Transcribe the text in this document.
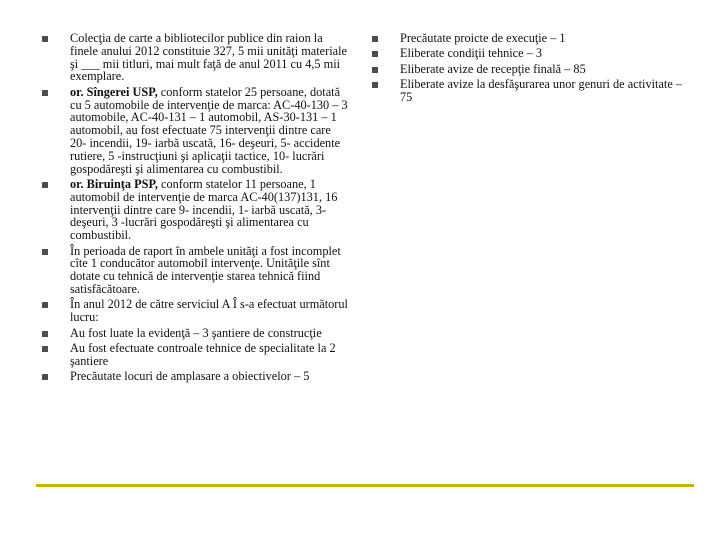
Colecţia de carte a bibliotecilor publice din raion la finele anului 2012 constituie 327, 5 mii unităţi materiale şi ___ mii titluri, mai mult faţă de anul 2011 cu 4,5 mii exemplare.
or. Sîngerei USP, conform statelor 25 persoane, dotată cu 5 automobile de intervenţie de marca: AC-40-130 – 3 automobile, AC-40-131 – 1 automobil, AS-30-131 – 1 automobil, au fost efectuate 75 intervenţii dintre care 20- incendii, 19- iarbă uscată, 16- deşeuri, 5- accidente rutiere, 5 -instrucţiuni şi aplicaţii tactice, 10- lucrări gospodăreşti şi alimentarea cu combustibil.
or. Biruinţa PSP, conform statelor 11 persoane, 1 automobil de intervenţie de marca AC-40(137)131, 16 intervenţii dintre care 9- incendii, 1- iarbă uscată, 3- deşeuri, 3 -lucrări gospodăreşti şi alimentarea cu combustibil.
În perioada de raport în ambele unităţi a fost incomplet cîte 1 conducător automobil intervenţe. Unităţile sînt dotate cu tehnică de intervenţie starea tehnică fiind satisfăcătoare.
În anul 2012 de către serviciul A Î s-a efectuat următorul lucru:
Au fost luate la evidenţă – 3 şantiere de construcţie
Au fost efectuate controale tehnice de specialitate la 2 şantiere
Precăutate locuri de amplasare a obiectivelor – 5
Precăutate proicte de execuţie – 1
Eliberate condiţii tehnice – 3
Eliberate avize de recepţie finală – 85
Eliberate avize la desfăşurarea unor genuri de activitate – 75
